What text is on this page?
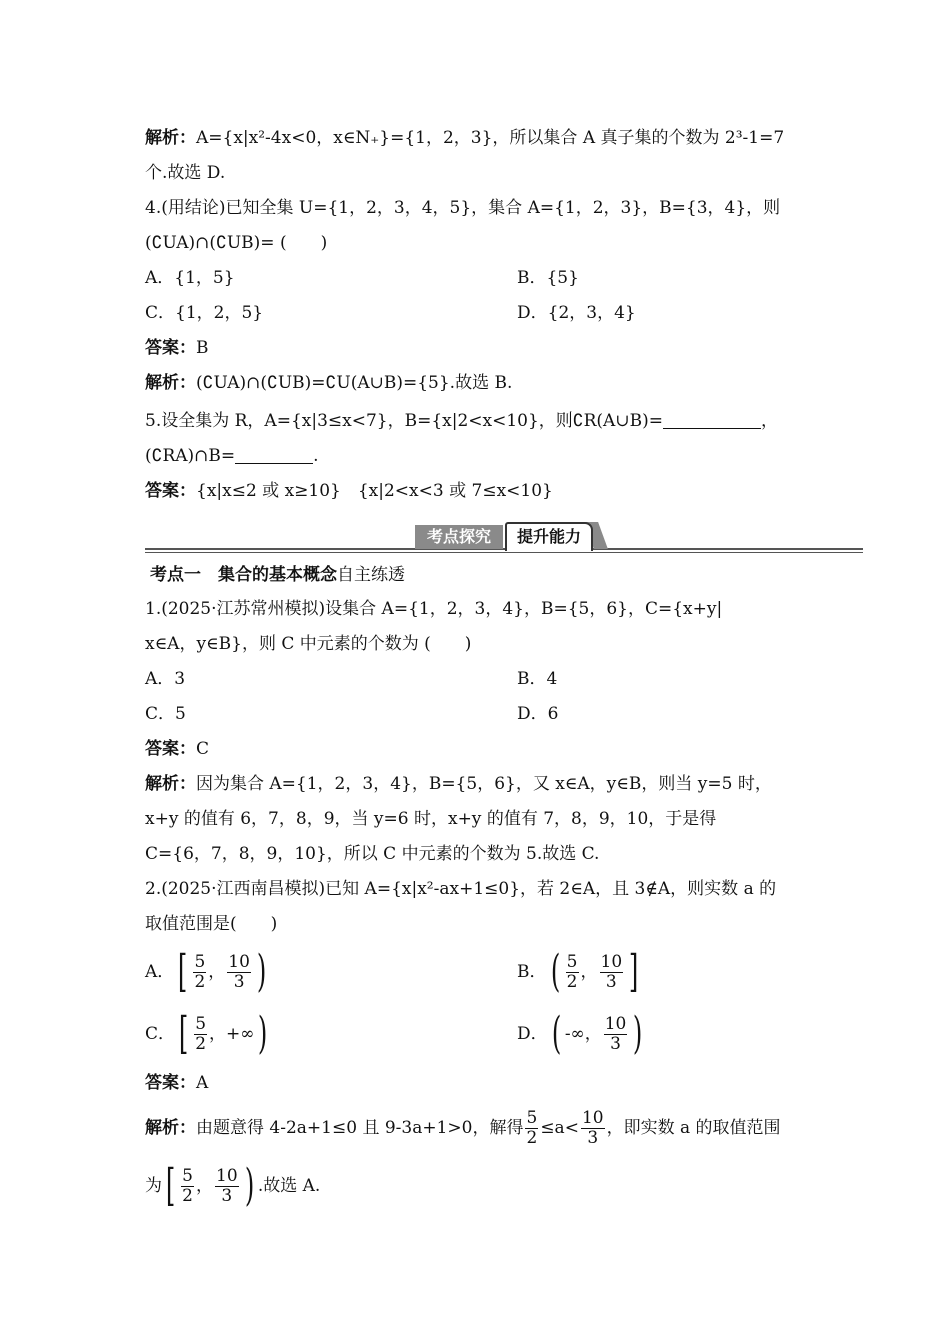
解析：A={x|x²-4x<0，x∈N₊}={1，2，3}，所以集合 A 真子集的个数为 2³-1=7
个.故选 D.
4.(用结论)已知全集 U={1，2，3，4，5}，集合 A={1，2，3}，B={3，4}，则
(∁UA)∩(∁UB)= (　　)
A．{1，5}	B．{5}
C．{1，2，5}	D．{2，3，4}
答案：B
解析：(∁UA)∩(∁UB)=∁U(A∪B)={5}.故选 B.
5.设全集为 R，A={x|3≤x<7}，B={x|2<x<10}，则∁R(A∪B)=	，
(∁RA)∩B=	.
答案：{x|x≤2 或 x≥10}　{x|2<x<3 或 7≤x<10}
考点探究	提升能力
考点一　集合的基本概念自主练透
1.(2025·江苏常州模拟)设集合 A={1，2，3，4}，B={5，6}，C={x+y|
x∈A，y∈B}，则 C 中元素的个数为 (　　)
A．3	B．4
C．5	D．6
答案：C
解析：因为集合 A={1，2，3，4}，B={5，6}，又 x∈A，y∈B，则当 y=5 时，
x+y 的值有 6，7，8，9，当 y=6 时，x+y 的值有 7，8，9，10，于是得
C={6，7，8，9，10}，所以 C 中元素的个数为 5.故选 C.
2.(2025·江西南昌模拟)已知 A={x|x²-ax+1≤0}，若 2∈A，且 3∉A，则实数 a 的
取值范围是(　　)
A． [ $\frac{5}{2}$ ， $\frac{10}{3}$ )	B． ( $\frac{5}{2}$ ， $\frac{10}{3}$ ]
C． [ $\frac{5}{2}$ ， +∞ )	D． ( -∞ ， $\frac{10}{3}$ )
答案：A
解析： 由题意得 4-2a+1≤0 且 9-3a+1>0，解得 $\frac{5}{2} \le a< \frac{10}{3}$ ，即实数 a 的取值范围
为 [ $\frac{5}{2}$ ， $\frac{10}{3}$ ) .故选 A.
